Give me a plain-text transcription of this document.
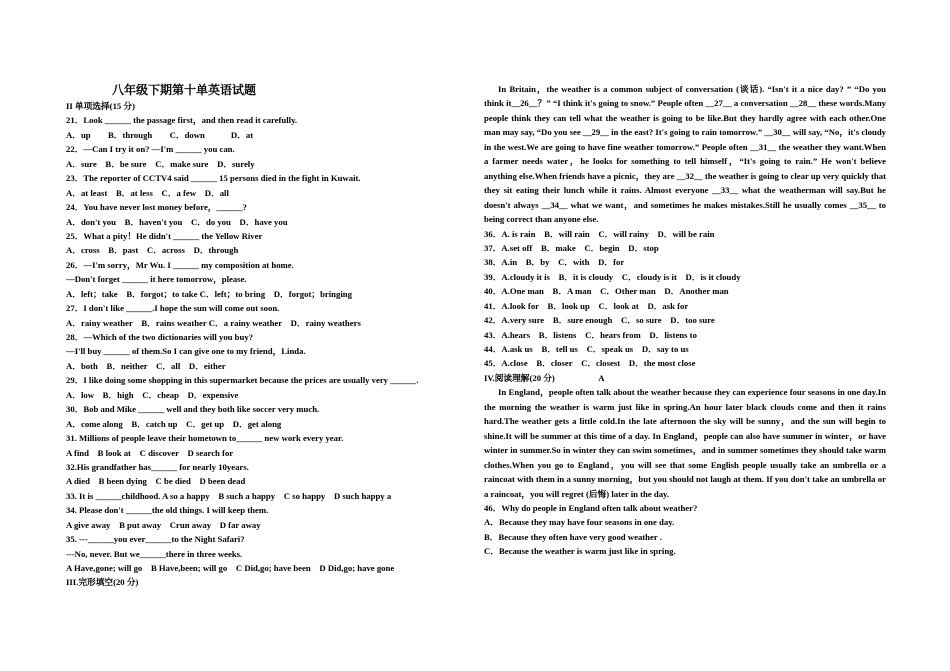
八年级下期第十单英语试题
II 单项选择(15 分)
21．Look ______ the passage first，and then read it carefully.
A．up　　B．through　　C．down　　　D．at
22．—Can I try it on? —I'm ______ you can.
A．sure　B．be sure　C．make sure　D．surely
23．The reporter of CCTV4 said ______ 15 persons died in the fight in Kuwait.
A．at least　B．at less　C．a few　D．all
24．You have never lost money before，______?
A．don't you　B．haven't you　C．do you　D．have you
25．What a pity！He didn't ______ the Yellow River
A．cross　B．past　C．across　D．through
26．—I'm sorry，Mr Wu. I ______ my composition at home.
—Don't forget ______ it here tomorrow，please.
A．left；take　B．forgot；to take C．left；to bring　D．forgot；bringing
27．I don't like ______.I hope the sun will come out soon.
A．rainy weather　B．rains weather C．a rainy weather　D．rainy weathers
28．—Which of the two dictionaries will you buy?
—I'll buy ______ of them.So I can give one to my friend，Linda.
A．both　B．neither　C．all　D．either
29．I like doing some shopping in this supermarket because the prices are usually very ______.
A．low　B．high　C．cheap　D．expensive
30．Bob and Mike ______ well and they both like soccer very much.
A．come along　B．catch up　C．get up　D．get along
31. Millions of people leave their hometown to______ new work every year.
A find　B look at　C discover　D search for
32.His grandfather has______ for nearly 10years.
A died　B been dying　C be died　D been dead
33. It is ______childhood. A so a happy　B such a happy　C so happy　D such happy a
34. Please don't ______the old things. I will keep them.
A give away　B put away　Crun away　D far away
35. ---______you ever______to the Night Safari?
---No, never. But we______there in three weeks.
A Have,gone; will go　B Have,been; will go　C Did,go; have been　D Did,go; have gone
III.完形填空(20 分)
In Britain，the weather is a common subject of conversation (谈话). “Isn't it a nice day? ” “Do you think it__26__？” “I think it's going to snow.” People often __27__ a conversation __28__ these words.Many people think they can tell what the weather is going to be like.But they hardly agree with each other.One man may say, “Do you see __29__ in the east? It's going to rain tomorrow.” __30__ will say, “No，it's cloudy in the west.We are going to have fine weather tomorrow.” People often __31__ the weather they want.When a farmer needs water，he looks for something to tell himself，“It's going to rain.” He won't believe anything else.When friends have a picnic，they are __32__ the weather is going to clear up very quickly that they sit eating their lunch while it rains. Almost everyone __33__ what the weatherman will say.But he doesn't always __34__ what we want，and sometimes he makes mistakes.Still he usually comes __35__ to being correct than anyone else.
36．A. is rain　B．will rain　C．will rainy　D．will be rain
37．A.set off　B．make　C．begin　D．stop
38．A.in　B．by　C．with　D．for
39．A.cloudy it is　B．it is cloudy　C．cloudy is it　D．is it cloudy
40．A.One man　B．A man　C．Other man　D．Another man
41．A.look for　B．look up　C．look at　D．ask for
42．A.very sure　B．sure enough　C．so sure　D．too sure
43．A.hears　B．listens　C．hears from　D．listens to
44．A.ask us　B．tell us　C．speak us　D．say to us
45．A.close　B．closer　C．closest　D．the most close
IV.阅读理解(20 分)　　　　　A
In England，people often talk about the weather because they can experience four seasons in one day.In the morning the weather is warm just like in spring.An hour later black clouds come and then it rains hard.The weather gets a little cold.In the late afternoon the sky will be sunny，and the sun will begin to shine.It will be summer at this time of a day. In England，people can also have summer in winter，or have winter in summer.So in winter they can swim sometimes，and in summer sometimes they should take warm clothes.When you go to England，you will see that some English people usually take an umbrella or a raincoat with them in a sunny morning，but you should not laugh at them. If you don't take an umbrella or a raincoat，you will regret (后悔) later in the day.
46．Why do people in England often talk about weather?
A．Because they may have four seasons in one day.
B．Because they often have very good weather .
C．Because the weather is warm just like in spring.
